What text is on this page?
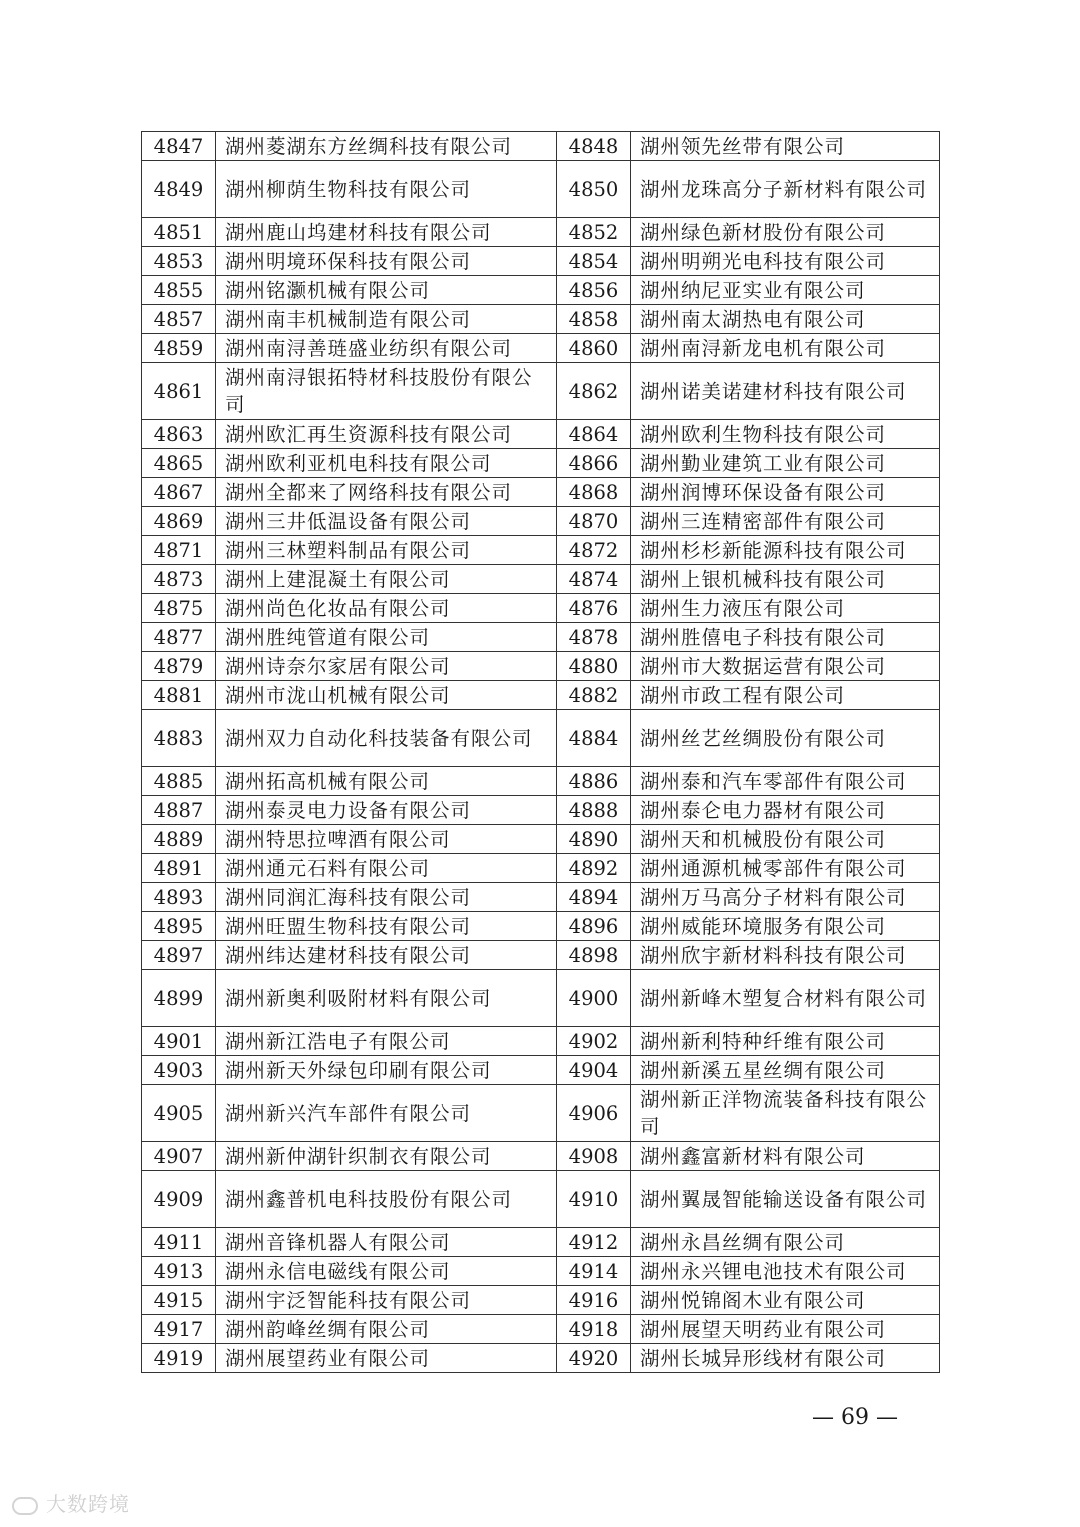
4847	湖州菱湖东方丝绸科技有限公司	4848	湖州领先丝带有限公司
4849	湖州柳荫生物科技有限公司	4850	湖州龙珠高分子新材料有限公司
4851	湖州鹿山坞建材科技有限公司	4852	湖州绿色新材股份有限公司
4853	湖州明境环保科技有限公司	4854	湖州明朔光电科技有限公司
4855	湖州铭灏机械有限公司	4856	湖州纳尼亚实业有限公司
4857	湖州南丰机械制造有限公司	4858	湖州南太湖热电有限公司
4859	湖州南浔善琏盛业纺织有限公司	4860	湖州南浔新龙电机有限公司
4861	湖州南浔银拓特材科技股份有限公司	4862	湖州诺美诺建材科技有限公司
4863	湖州欧汇再生资源科技有限公司	4864	湖州欧利生物科技有限公司
4865	湖州欧利亚机电科技有限公司	4866	湖州勤业建筑工业有限公司
4867	湖州全都来了网络科技有限公司	4868	湖州润博环保设备有限公司
4869	湖州三井低温设备有限公司	4870	湖州三连精密部件有限公司
4871	湖州三林塑料制品有限公司	4872	湖州杉杉新能源科技有限公司
4873	湖州上建混凝土有限公司	4874	湖州上银机械科技有限公司
4875	湖州尚色化妆品有限公司	4876	湖州生力液压有限公司
4877	湖州胜纯管道有限公司	4878	湖州胜僖电子科技有限公司
4879	湖州诗奈尔家居有限公司	4880	湖州市大数据运营有限公司
4881	湖州市泷山机械有限公司	4882	湖州市政工程有限公司
4883	湖州双力自动化科技装备有限公司	4884	湖州丝艺丝绸股份有限公司
4885	湖州拓高机械有限公司	4886	湖州泰和汽车零部件有限公司
4887	湖州泰灵电力设备有限公司	4888	湖州泰仑电力器材有限公司
4889	湖州特思拉啤酒有限公司	4890	湖州天和机械股份有限公司
4891	湖州通元石料有限公司	4892	湖州通源机械零部件有限公司
4893	湖州同润汇海科技有限公司	4894	湖州万马高分子材料有限公司
4895	湖州旺盟生物科技有限公司	4896	湖州威能环境服务有限公司
4897	湖州纬达建材科技有限公司	4898	湖州欣宇新材料科技有限公司
4899	湖州新奥利吸附材料有限公司	4900	湖州新峰木塑复合材料有限公司
4901	湖州新江浩电子有限公司	4902	湖州新利特种纤维有限公司
4903	湖州新天外绿包印刷有限公司	4904	湖州新溪五星丝绸有限公司
4905	湖州新兴汽车部件有限公司	4906	湖州新正洋物流装备科技有限公司
4907	湖州新仲湖针织制衣有限公司	4908	湖州鑫富新材料有限公司
4909	湖州鑫普机电科技股份有限公司	4910	湖州翼晟智能输送设备有限公司
4911	湖州音锋机器人有限公司	4912	湖州永昌丝绸有限公司
4913	湖州永信电磁线有限公司	4914	湖州永兴锂电池技术有限公司
4915	湖州宇泛智能科技有限公司	4916	湖州悦锦阁木业有限公司
4917	湖州韵峰丝绸有限公司	4918	湖州展望天明药业有限公司
4919	湖州展望药业有限公司	4920	湖州长城异形线材有限公司
— 69 —
大数跨境
